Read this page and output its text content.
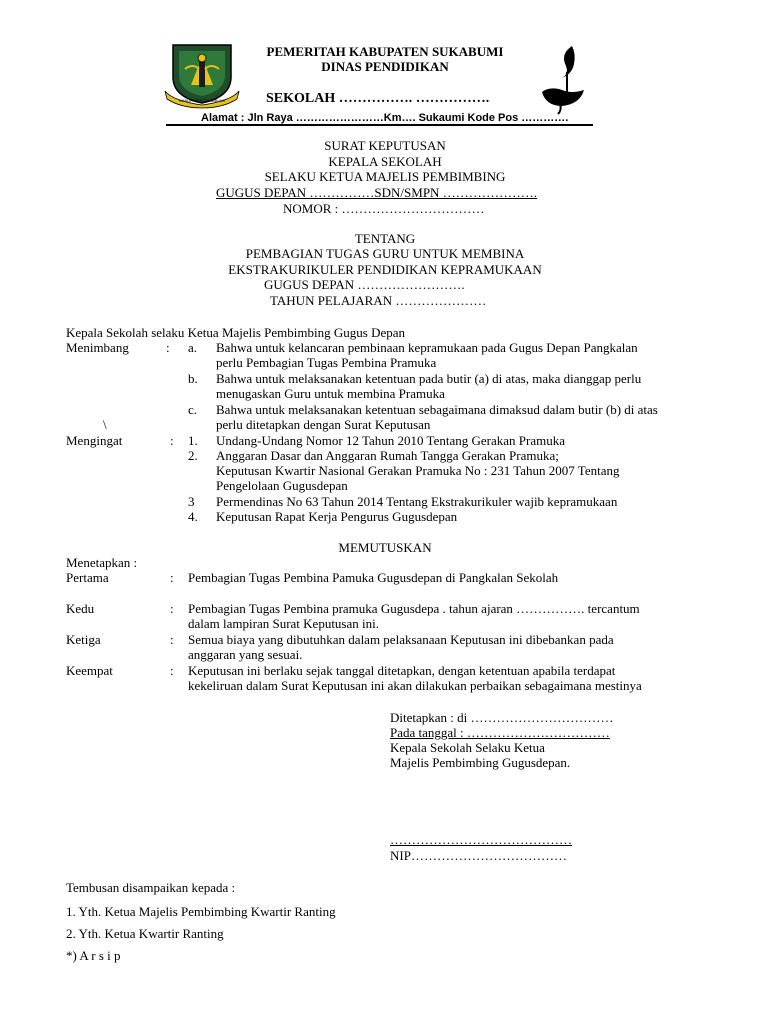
KABUPATEN SUKABUMI
PEMERITAH KABUPATEN SUKABUMI
DINAS PENDIDIKAN
SEKOLAH ……………. …………….
Alamat : Jln Raya ……………………Km…. Sukaumi Kode Pos ………….
SURAT KEPUTUSAN
KEPALA SEKOLAH
SELAKU KETUA MAJELIS PEMBIMBING
GUGUS DEPAN ……………SDN/SMPN ………………….
NOMOR : ……………………………
TENTANG
PEMBAGIAN TUGAS GURU UNTUK MEMBINA
EKSTRAKURIKULER PENDIDIKAN KEPRAMUKAAN
GUGUS DEPAN …………………….
TAHUN PELAJARAN …………………
Kepala Sekolah selaku Ketua Majelis Pembimbing Gugus Depan
Menimbang	: a. Bahwa untuk kelancaran pembinaan kepramukaan pada Gugus Depan Pangkalan
perlu Pembagian Tugas Pembina Pramuka
b. Bahwa untuk melaksanakan ketentuan pada butir (a) di atas, maka dianggap perlu
menugaskan Guru untuk membina Pramuka
c. Bahwa untuk melaksanakan ketentuan sebagaimana dimaksud dalam butir (b) di atas
perlu ditetapkan dengan Surat Keputusan
\
Mengingat	: 1. Undang-Undang Nomor 12 Tahun 2010 Tentang Gerakan Pramuka
2. Anggaran Dasar dan Anggaran Rumah Tangga Gerakan Pramuka;
Keputusan Kwartir Nasional Gerakan Pramuka No : 231 Tahun 2007 Tentang
Pengelolaan Gugusdepan
3 Permendinas No 63 Tahun 2014 Tentang Ekstrakurikuler wajib kepramukaan
4. Keputusan Rapat Kerja Pengurus Gugusdepan
MEMUTUSKAN
Menetapkan :
Pertama	: Pembagian Tugas Pembina Pamuka Gugusdepan di Pangkalan Sekolah
Kedu	: Pembagian Tugas Pembina pramuka Gugusdepa . tahun ajaran ……………. tercantum
dalam lampiran Surat Keputusan ini.
Ketiga	: Semua biaya yang dibutuhkan dalam pelaksanaan Keputusan ini dibebankan pada
anggaran yang sesuai.
Keempat	: Keputusan ini berlaku sejak tanggal ditetapkan, dengan ketentuan apabila terdapat
kekeliruan dalam Surat Keputusan ini akan dilakukan perbaikan sebagaimana mestinya
Ditetapkan : di ……………………………
Pada tanggal : ……………………………
Kepala Sekolah Selaku Ketua
Majelis Pembimbing Gugusdepan.
……………………………………
NIP………………………………
Tembusan disampaikan kepada :
1. Yth. Ketua Majelis Pembimbing Kwartir Ranting
2. Yth. Ketua Kwartir Ranting
*) A r s i p
